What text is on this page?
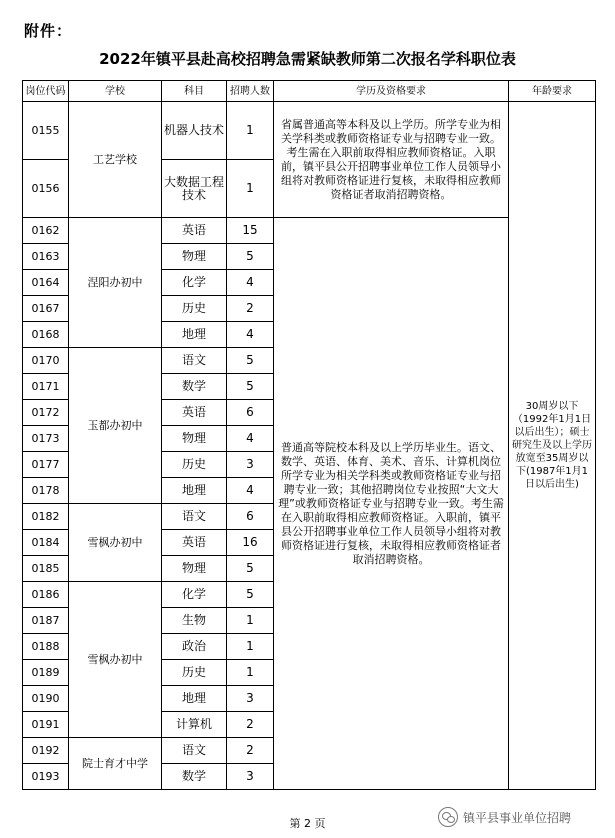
附件：
2022年镇平县赴高校招聘急需紧缺教师第二次报名学科职位表
岗位代码	学校	科目	招聘人数	学历及资格要求	年龄要求
0155	工艺学校	机器人技术	1	省属普通高等本科及以上学历。所学专业为相关学科类或教师资格证专业与招聘专业一致。考生需在入职前取得相应教师资格证。入职前，镇平县公开招聘事业单位工作人员领导小组将对教师资格证进行复核，未取得相应教师资格证者取消招聘资格。	30周岁以下（1992年1月1日以后出生）；硕士研究生及以上学历放宽至35周岁以下(1987年1月1日以后出生)
0156		大数据工程技术	1		
0162	涅阳办初中	英语	15	普通高等院校本科及以上学历毕业生。语文、数学、英语、体育、美术、音乐、计算机岗位所学专业为相关学科类或教师资格证专业与招聘专业一致；其他招聘岗位专业按照“大文大理”或教师资格证专业与招聘专业一致。考生需在入职前取得相应教师资格证。入职前，镇平县公开招聘事业单位工作人员领导小组将对教师资格证进行复核，未取得相应教师资格证者取消招聘资格。	
0163		物理	5		
0164		化学	4		
0167		历史	2		
0168		地理	4		
0170	玉都办初中	语文	5		
0171		数学	5		
0172		英语	6		
0173		物理	4		
0177		历史	3		
0178		地理	4		
0182	雪枫办初中	语文	6		
0184		英语	16		
0185		物理	5		
0186	雪枫办初中	化学	5		
0187		生物	1		
0188		政治	1		
0189		历史	1		
0190		地理	3		
0191		计算机	2		
0192	院士育才中学	语文	2		
0193		数学	3		
第 2 页	镇平县事业单位招聘
